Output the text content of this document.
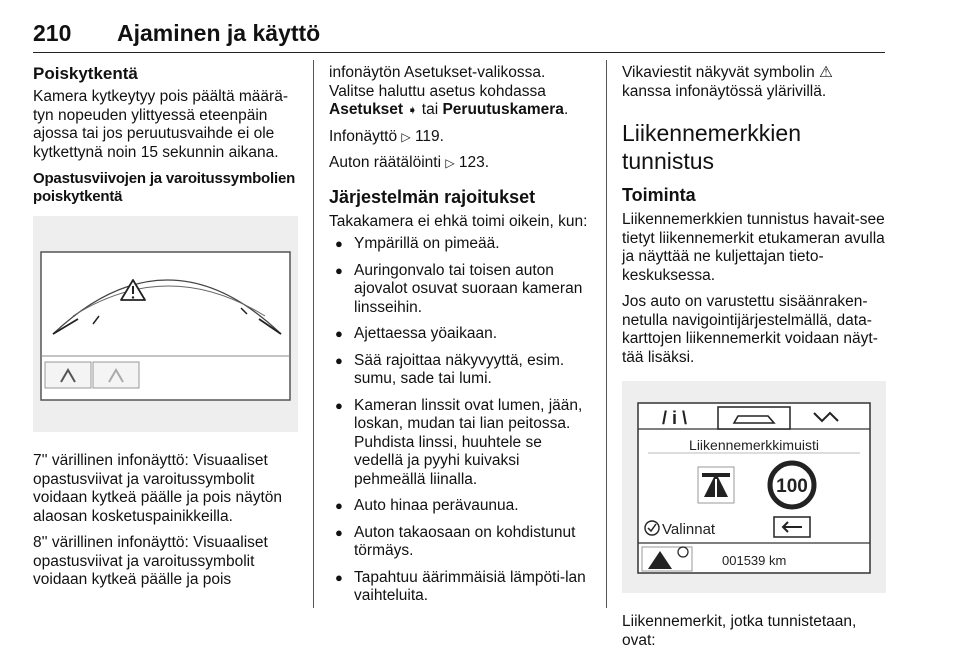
210 Ajaminen ja käyttö
Poiskytkentä

Kamera kytkeytyy pois päältä määrä-tyn nopeuden ylittyessä eteenpäin ajossa tai jos peruutusvaihde ei ole kytkettynä noin 15 sekunnin aikana.

Opastusviivojen ja varoitussymbolien poiskytkentä

7'' värillinen infonäyttö: Visuaaliset opastusviivat ja varoitussymbolit voidaan kytkeä päälle ja pois näytön alaosan kosketuspainikkeilla.

8'' värillinen infonäyttö: Visuaaliset opastusviivat ja varoitussymbolit voidaan kytkeä päälle ja pois

infonäytön Asetukset-valikossa. Valitse haluttu asetus kohdassa Asetukset ➧ tai Peruutuskamera.

Infonäyttö ▷ 119.

Auton räätälöinti ▷ 123.

Järjestelmän rajoitukset

Takakamera ei ehkä toimi oikein, kun:

● Ympärillä on pimeää.
● Auringonvalo tai toisen auton ajovalot osuvat suoraan kameran linsseihin.
● Ajettaessa yöaikaan.
● Sää rajoittaa näkyvyyttä, esim. sumu, sade tai lumi.
● Kameran linssit ovat lumen, jään, loskan, mudan tai lian peitossa. Puhdista linssi, huuhtele se vedellä ja pyyhi kuivaksi pehmeällä liinalla.
● Auto hinaa perävaunua.
● Auton takaosaan on kohdistunut törmäys.
● Tapahtuu äärimmäisiä lämpöti-lan vaihteluita.

Vikaviestit näkyvät symbolin ⚠ kanssa infonäytössä ylärivillä.

Liikennemerkkien tunnistus
Toiminta

Liikennemerkkien tunnistus havait-see tietyt liikennemerkit etukameran avulla ja näyttää ne kuljettajan tieto-keskuksessa.

Jos auto on varustettu sisäänraken-netulla navigointijärjestelmällä, data-karttojen liikennemerkit voidaan näyt-tää lisäksi.

/ i \
Liikennemerkkimuisti
100
Valinnat
001539 km

Liikennemerkit, jotka tunnistetaan, ovat:
